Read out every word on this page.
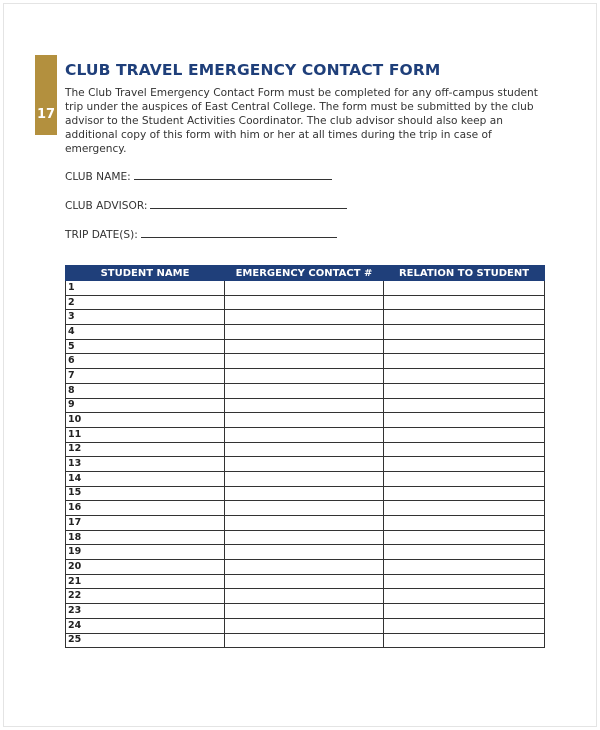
17
CLUB TRAVEL EMERGENCY CONTACT FORM
The Club Travel Emergency Contact Form must be completed for any off-campus student trip under the auspices of East Central College. The form must be submitted by the club advisor to the Student Activities Coordinator. The club advisor should also keep an additional copy of this form with him or her at all times during the trip in case of emergency.
CLUB NAME:
CLUB ADVISOR:
TRIP DATE(S):
STUDENT NAME	EMERGENCY CONTACT #	RELATION TO STUDENT
1		
2		
3		
4		
5		
6		
7		
8		
9		
10		
11		
12		
13		
14		
15		
16		
17		
18		
19		
20		
21		
22		
23		
24		
25		
